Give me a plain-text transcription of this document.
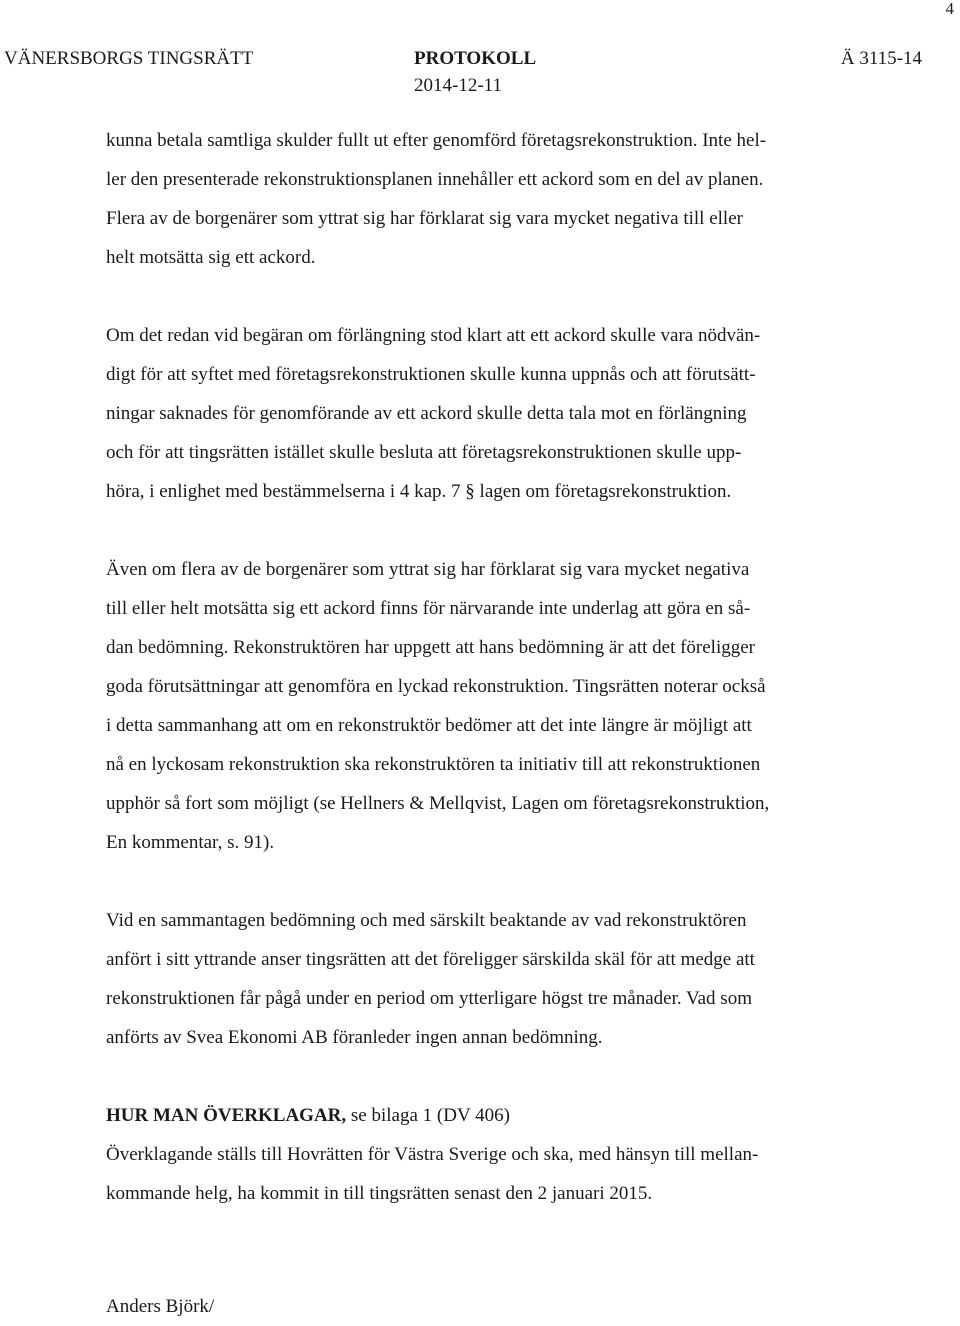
4
VÄNERSBORGS TINGSRÄTT	PROTOKOLL
2014-12-11
Ä 3115-14

kunna betala samtliga skulder fullt ut efter genomförd företagsrekonstruktion. Inte hel-
ler den presenterade rekonstruktionsplanen innehåller ett ackord som en del av planen.
Flera av de borgenärer som yttrat sig har förklarat sig vara mycket negativa till eller
helt motsätta sig ett ackord.

Om det redan vid begäran om förlängning stod klart att ett ackord skulle vara nödvän-
digt för att syftet med företagsrekonstruktionen skulle kunna uppnås och att förutsätt-
ningar saknades för genomförande av ett ackord skulle detta tala mot en förlängning
och för att tingsrätten istället skulle besluta att företagsrekonstruktionen skulle upp-
höra, i enlighet med bestämmelserna i 4 kap. 7 § lagen om företagsrekonstruktion.

Även om flera av de borgenärer som yttrat sig har förklarat sig vara mycket negativa
till eller helt motsätta sig ett ackord finns för närvarande inte underlag att göra en så-
dan bedömning. Rekonstruktören har uppgett att hans bedömning är att det föreligger
goda förutsättningar att genomföra en lyckad rekonstruktion. Tingsrätten noterar också
i detta sammanhang att om en rekonstruktör bedömer att det inte längre är möjligt att
nå en lyckosam rekonstruktion ska rekonstruktören ta initiativ till att rekonstruktionen
upphör så fort som möjligt (se Hellners & Mellqvist, Lagen om företagsrekonstruktion,
En kommentar, s. 91).

Vid en sammantagen bedömning och med särskilt beaktande av vad rekonstruktören
anfört i sitt yttrande anser tingsrätten att det föreligger särskilda skäl för att medge att
rekonstruktionen får pågå under en period om ytterligare högst tre månader. Vad som
anförts av Svea Ekonomi AB föranleder ingen annan bedömning.

HUR MAN ÖVERKLAGAR, se bilaga 1 (DV 406)

Överklagande ställs till Hovrätten för Västra Sverige och ska, med hänsyn till mellan-
kommande helg, ha kommit in till tingsrätten senast den 2 januari 2015.

Anders Björk/
